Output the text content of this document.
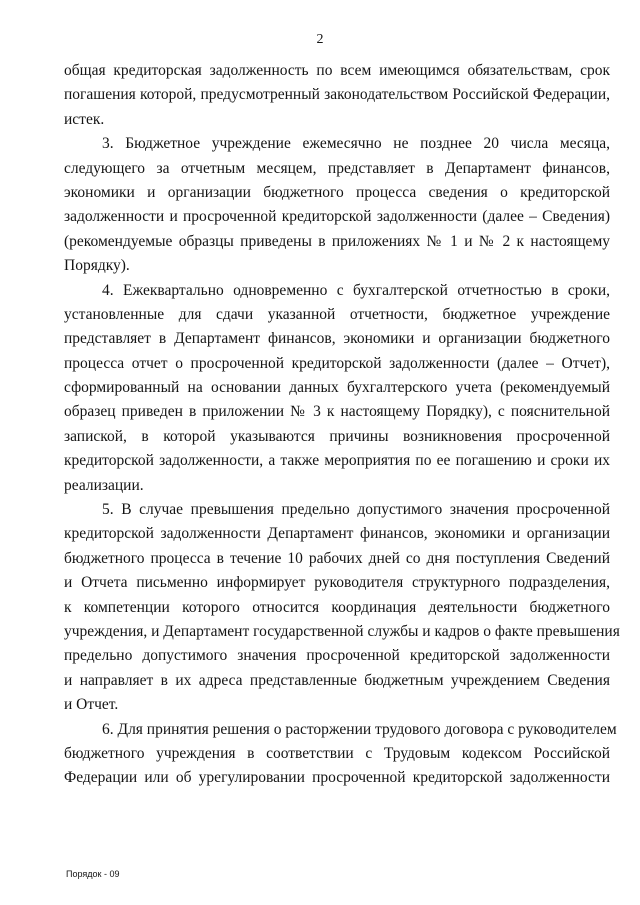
2

общая кредиторская задолженность по всем имеющимся обязательствам, срок
погашения которой, предусмотренный законодательством Российской Федерации,
истек.

3. Бюджетное учреждение ежемесячно не позднее 20 числа месяца,
следующего за отчетным месяцем, представляет в Департамент финансов,
экономики и организации бюджетного процесса сведения о кредиторской
задолженности и просроченной кредиторской задолженности (далее – Сведения)
(рекомендуемые образцы приведены в приложениях № 1 и № 2 к настоящему
Порядку).

4. Ежеквартально одновременно с бухгалтерской отчетностью в сроки,
установленные для сдачи указанной отчетности, бюджетное учреждение
представляет в Департамент финансов, экономики и организации бюджетного
процесса отчет о просроченной кредиторской задолженности (далее – Отчет),
сформированный на основании данных бухгалтерского учета (рекомендуемый
образец приведен в приложении № 3 к настоящему Порядку), с пояснительной
запиской, в которой указываются причины возникновения просроченной
кредиторской задолженности, а также мероприятия по ее погашению и сроки их
реализации.

5. В случае превышения предельно допустимого значения просроченной
кредиторской задолженности Департамент финансов, экономики и организации
бюджетного процесса в течение 10 рабочих дней со дня поступления Сведений
и Отчета письменно информирует руководителя структурного подразделения,
к компетенции которого относится координация деятельности бюджетного
учреждения, и Департамент государственной службы и кадров о факте превышения
предельно допустимого значения просроченной кредиторской задолженности
и направляет в их адреса представленные бюджетным учреждением Сведения
и Отчет.

6. Для принятия решения о расторжении трудового договора с руководителем
бюджетного учреждения в соответствии с Трудовым кодексом Российской
Федерации или об урегулировании просроченной кредиторской задолженности

Порядок - 09
